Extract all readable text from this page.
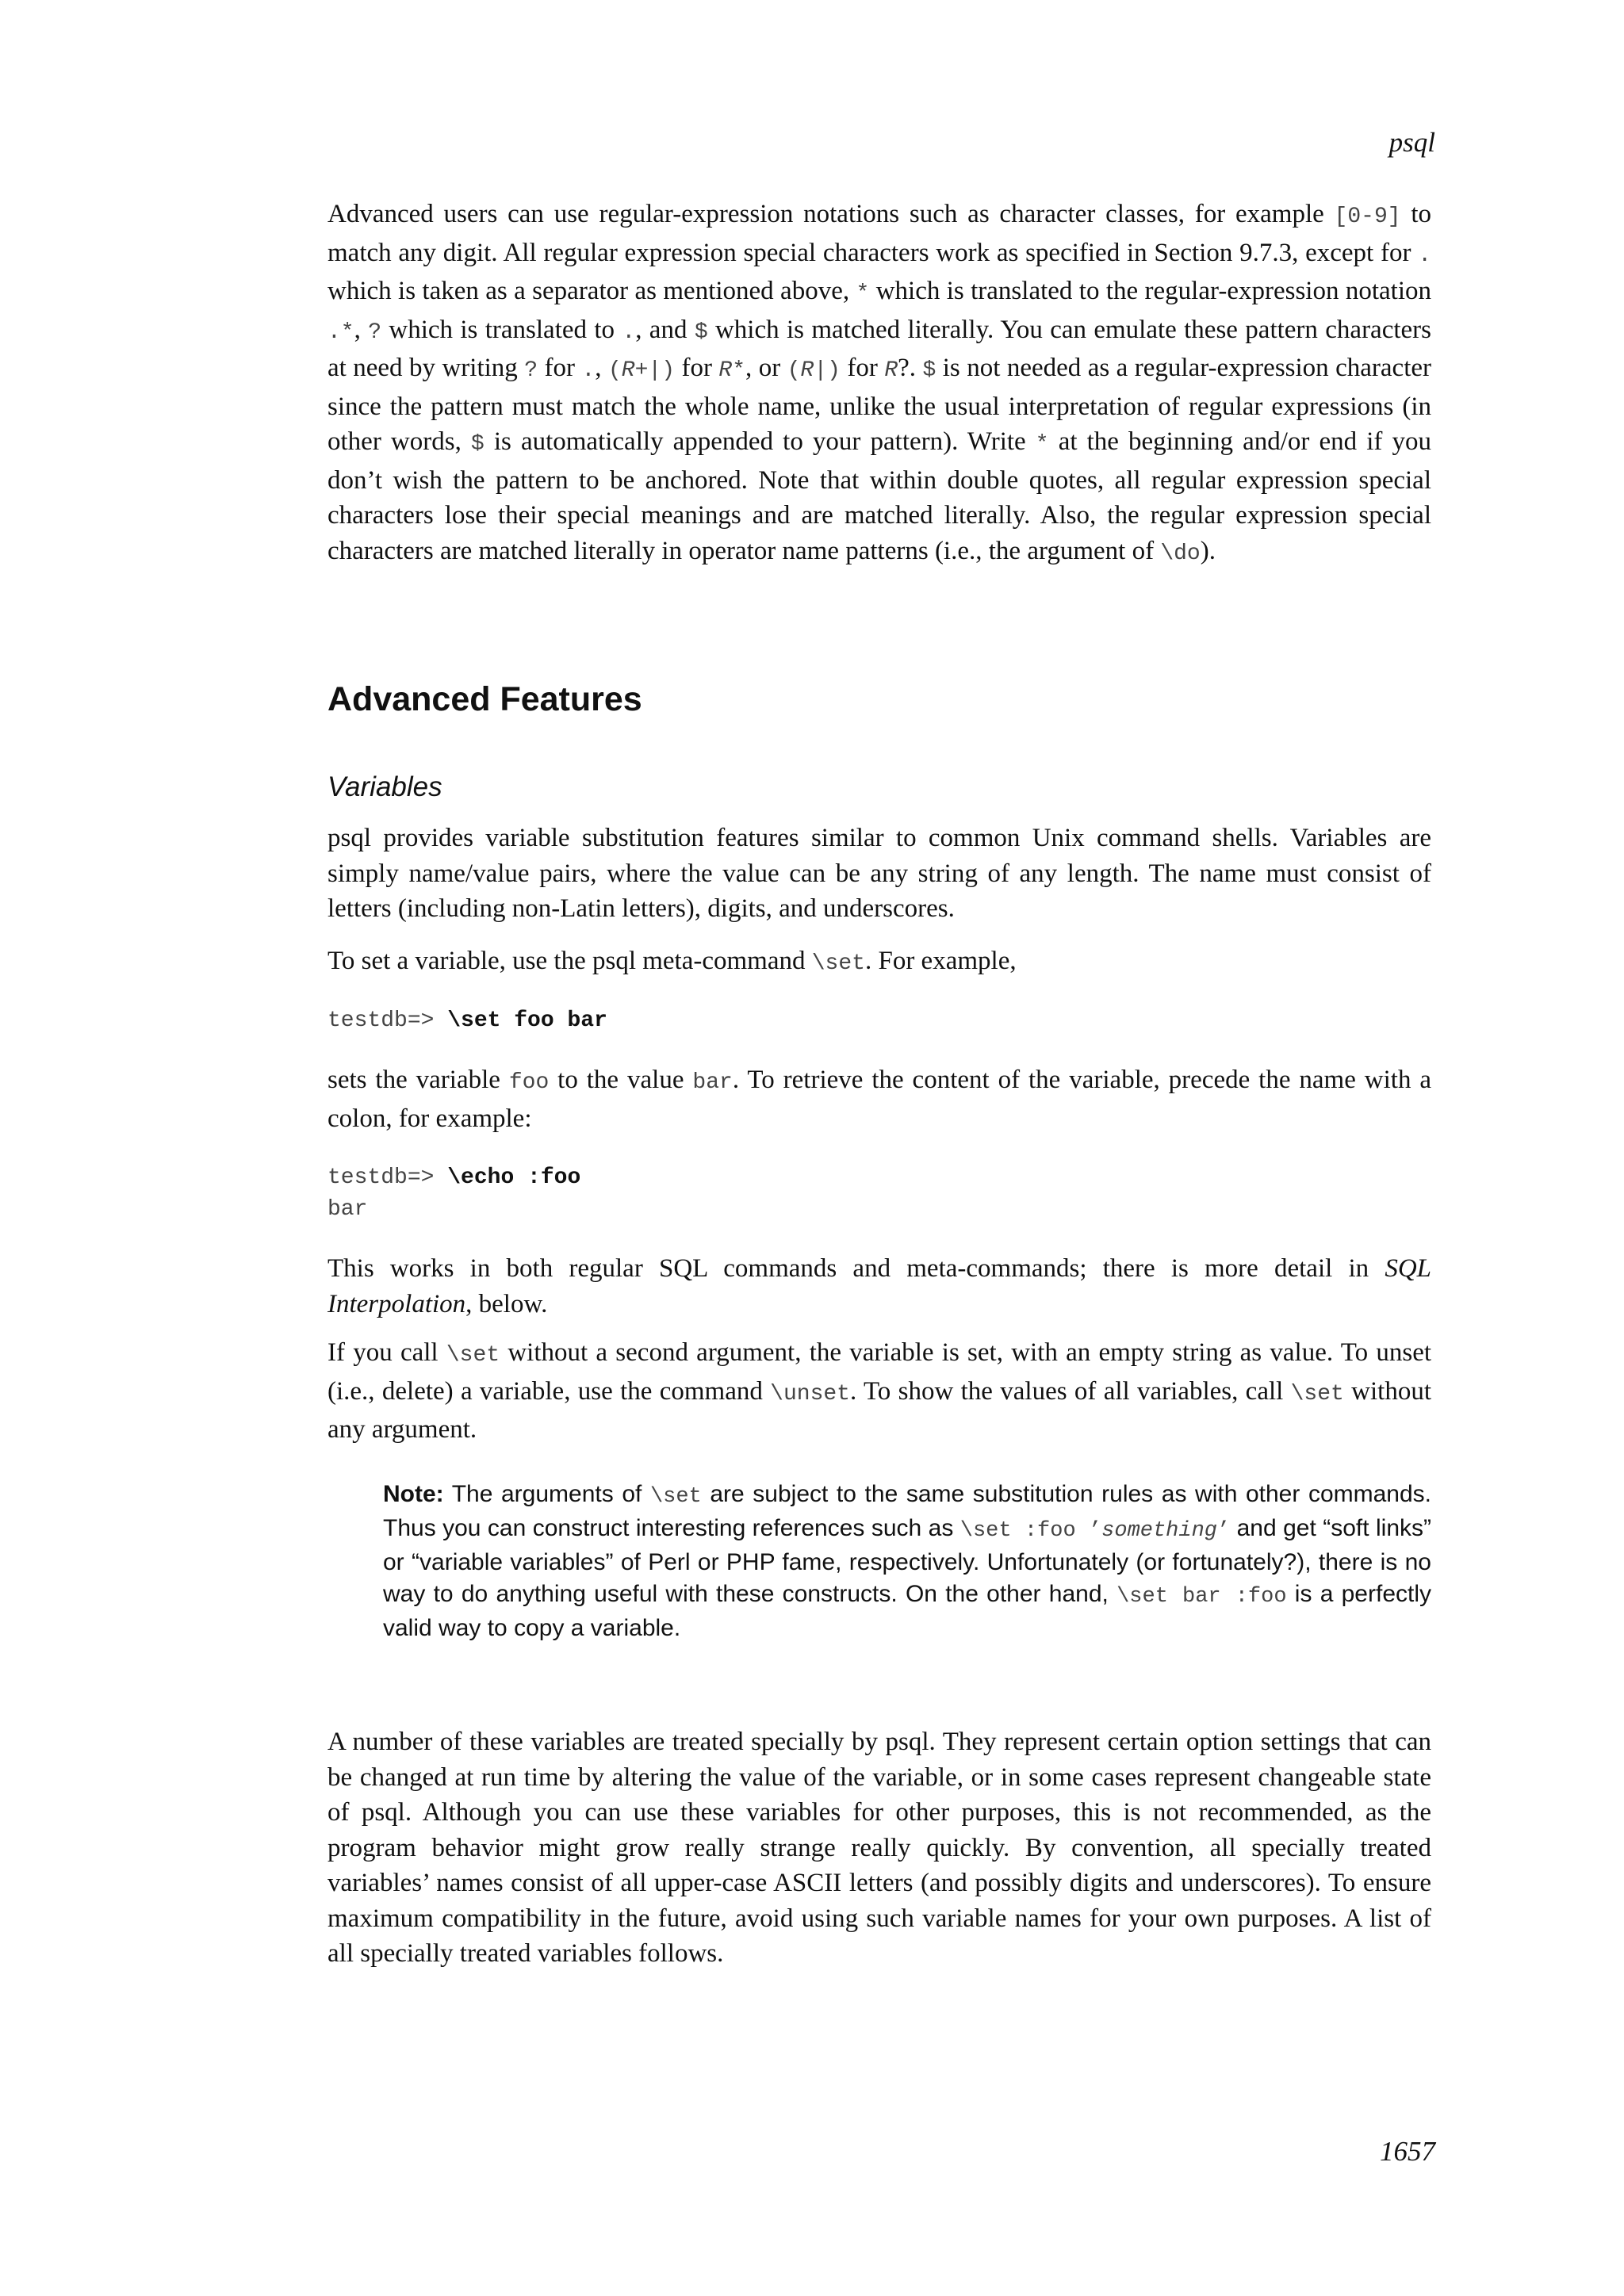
psql

Advanced users can use regular-expression notations such as character classes, for example [0-9] to match any digit. All regular expression special characters work as specified in Section 9.7.3, except for . which is taken as a separator as mentioned above, * which is translated to the regular-expression notation .*, ? which is translated to ., and $ which is matched literally. You can emulate these pattern characters at need by writing ? for ., (R+|) for R*, or (R|) for R?. $ is not needed as a regular-expression character since the pattern must match the whole name, unlike the usual interpretation of regular expressions (in other words, $ is automatically appended to your pattern). Write * at the beginning and/or end if you don’t wish the pattern to be anchored. Note that within double quotes, all regular expression special characters lose their special meanings and are matched literally. Also, the regular expression special characters are matched literally in operator name patterns (i.e., the argument of \do).

Advanced Features
Variables

psql provides variable substitution features similar to common Unix command shells. Variables are simply name/value pairs, where the value can be any string of any length. The name must consist of letters (including non-Latin letters), digits, and underscores.

To set a variable, use the psql meta-command \set. For example,

testdb=> \set foo bar

sets the variable foo to the value bar. To retrieve the content of the variable, precede the name with a colon, for example:

testdb=> \echo :foo
bar

This works in both regular SQL commands and meta-commands; there is more detail in SQL Interpolation, below.

If you call \set without a second argument, the variable is set, with an empty string as value. To unset (i.e., delete) a variable, use the command \unset. To show the values of all variables, call \set without any argument.

Note: The arguments of \set are subject to the same substitution rules as with other commands. Thus you can construct interesting references such as \set :foo ’something’ and get “soft links” or “variable variables” of Perl or PHP fame, respectively. Unfortunately (or fortunately?), there is no way to do anything useful with these constructs. On the other hand, \set bar :foo is a perfectly valid way to copy a variable.

A number of these variables are treated specially by psql. They represent certain option settings that can be changed at run time by altering the value of the variable, or in some cases represent changeable state of psql. Although you can use these variables for other purposes, this is not recommended, as the program behavior might grow really strange really quickly. By convention, all specially treated variables’ names consist of all upper-case ASCII letters (and possibly digits and underscores). To ensure maximum compatibility in the future, avoid using such variable names for your own purposes. A list of all specially treated variables follows.

1657
